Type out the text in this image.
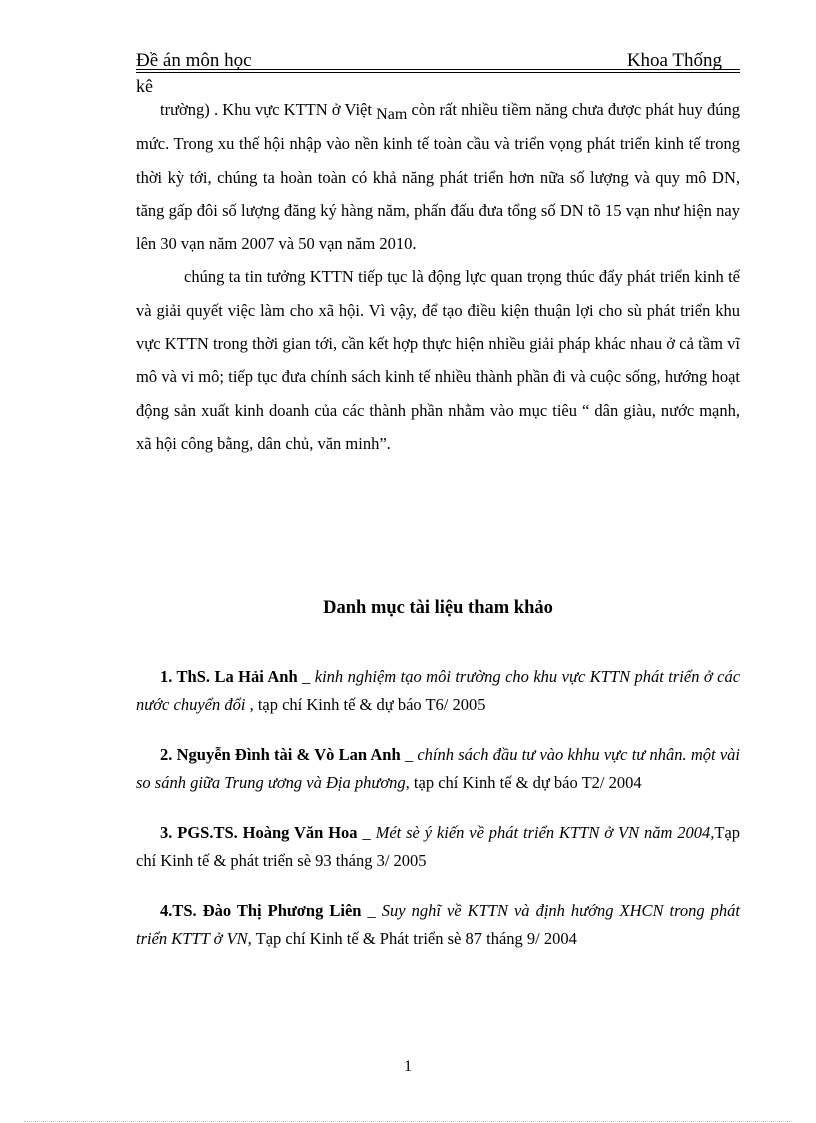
Đề án môn học	Khoa Thống
kê

trường) . Khu vực KTTN ở Việt Nam còn rất nhiều tiềm năng chưa được phát huy đúng mức. Trong xu thế hội nhập vào nền kinh tế toàn cầu và triển vọng phát triển kinh tế trong thời kỳ tới, chúng ta hoàn toàn có khả năng phát triển hơn nữa số lượng và quy mô DN, tăng gấp đôi số lượng đăng ký hàng năm, phấn đấu đưa tổng số DN tõ 15 vạn như hiện nay lên 30 vạn năm 2007 và 50 vạn năm 2010.

chúng ta tin tưởng KTTN tiếp tục là động lực quan trọng thúc đẩy phát triển kinh tế và giải quyết việc làm cho xã hội. Vì vậy, để tạo điều kiện thuận lợi cho sù phát triển khu vực KTTN trong thời gian tới, cần kết hợp thực hiện nhiều giải pháp khác nhau ở cả tầm vĩ mô và vi mô; tiếp tục đưa chính sách kinh tế nhiều thành phần đi và cuộc sống, hướng hoạt động sản xuất kinh doanh của các thành phần nhằm vào mục tiêu “ dân giàu, nước mạnh, xã hội công bằng, dân chủ, văn minh”.

Danh mục tài liệu tham khảo

1. ThS. La Hải Anh _ kinh nghiệm tạo môi trường cho khu vực KTTN phát triển ở các nước chuyển đổi , tạp chí Kinh tế & dự báo T6/ 2005

2. Nguyễn Đình tài & Vò Lan Anh _ chính sách đầu tư vào khhu vực tư nhân. một vài so sánh giữa Trung ương và Địa phương, tạp chí Kinh tế & dự báo T2/ 2004

3. PGS.TS. Hoàng Văn Hoa _ Mét sè ý kiến về phát triển KTTN ở VN năm 2004,Tạp chí Kinh tế & phát triển sè 93 tháng 3/ 2005

4.TS. Đào Thị Phương Liên _ Suy nghĩ về KTTN và định hướng XHCN trong phát triển KTTT ở VN, Tạp chí Kinh tế & Phát triển sè 87 tháng 9/ 2004

1
